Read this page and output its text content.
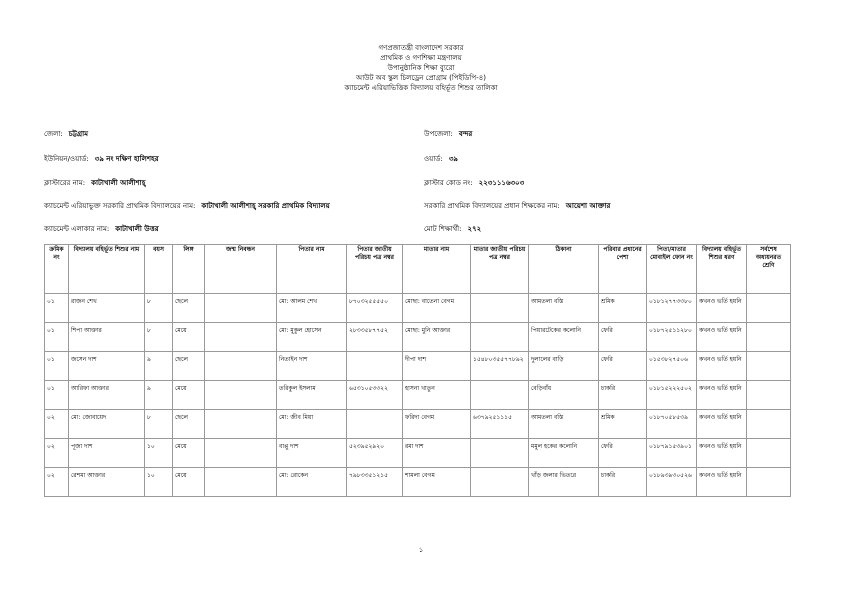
গণপ্রজাতন্ত্রী বাংলাদেশ সরকার
প্রাথমিক ও গণশিক্ষা মন্ত্রণালয়
উপানুষ্ঠানিক শিক্ষা ব্যুরো
আউট অব স্কুল চিলড্রেন প্রোগ্রাম (পিইডিপি-৪)
ক্যাচমেন্ট এরিয়াভিত্তিক বিদ্যালয় বহির্ভূত শিশুর তালিকা
জেলা: চট্টগ্রাম	উপজেলা: বন্দর
ইউনিয়ন/ওয়ার্ড: ৩৯ নং দক্ষিণ হালিশহর	ওয়ার্ড: ৩৯
ক্লাস্টারের নাম: কাটাখালী আলীশাহ্‌	ক্লাস্টার কোড নং: ২২৩১১১৬৩০৩
ক্যাচমেন্ট এরিয়াভুক্ত সরকারি প্রাথমিক বিদ্যালয়ের নাম: কাটাখালী আলীশাহ্‌ সরকারি প্রাথমিক বিদ্যালয়	সরকারি প্রাথমিক বিদ্যালয়ের প্রধান শিক্ষকের নাম: আয়েশা আক্তার
ক্যাচমেন্ট এলাকার নাম: কাটাখালী উত্তর	মোট শিক্ষার্থী: ২৭২
ক্রমিক নং	বিদ্যালয় বহির্ভূত শিশুর নাম	বয়স	লিঙ্গ	জন্ম নিবন্ধন	পিতার নাম	পিতার জাতীয় পরিচয় পত্র নম্বর	মাতার নাম	মাতার জাতীয় পরিচয় পত্র নম্বর	ঠিকানা	পরিবার প্রধানের পেশা	পিতা/মাতার মোবাইল ফোন নং	বিদ্যালয় বহির্ভূত শিশুর ধরণ	সর্বশেষ অধ্যয়নরত শ্রেণি
০১	রাজন শেখ	৮	ছেলে		মো: আলম শেখ	৮৭০৩২৫৫৫৫০	মোছা: বাতেনা বেগম		আমতলা বস্তি	শ্রমিক	০১৮১২৭৭৩৩৮০	কখনও ভর্তি হয়নি	
০১	শিপা আক্তার	৮	মেয়ে		মো: মুকুল হোসেন	২৮৩৩৫৮৭৭৫২	মোছা: মুনি আক্তার		পিয়ারটেকের কলোনি	ফেরি	০১৮৭২৫১১২৮০	কখনও ভর্তি হয়নি	
০১	জসেন দাশ	৯	ছেলে		নিতাইন দাশ		দীপা দাশ	১৫৪৮০৩৫৫৭৭৮৯২	দুলালের বাড়ি	ফেরি	০১৫৩৮২৭৫০৬	কখনও ভর্তি হয়নি	
০১	আরিফা আক্তার	৯	মেয়ে		তরিকুল ইসলাম	৬৫৩১০৫৩৩২২	হাসনা খাতুন		বেড়িবাঁধ	চাকরি	০১৮১৫২২২৫০২	কখনও ভর্তি হয়নি	
০২	মো: জোবায়েদ	৮	ছেলে		মো: জীব মিয়া		ফরিদা বেগম	৬৩৭৯২৫১১১৫	আমতলা বস্তি	শ্রমিক	০১৮৭০৫৮৫৩৯	কখনও ভর্তি হয়নি	
০২	পূজা দাশ	১০	মেয়ে		বাপ্পু দাশ	৫২৩৯৫২৯২০	রমা দাশ		মমুল হকের কলোনি	ফেরি	০১৮৭৯১৫৩৯০১	কখনও ভর্তি হয়নি	
০২	রেশমা আক্তার	১০	মেয়ে		মো: রোকেন	৭৯৮৩৩৫১২১৫	শামলা বেগম		খাঁড় জলার ভিতরে	চাকরি	০১৮৯৩৯৩০৫২৬	কখনও ভর্তি হয়নি	
১
